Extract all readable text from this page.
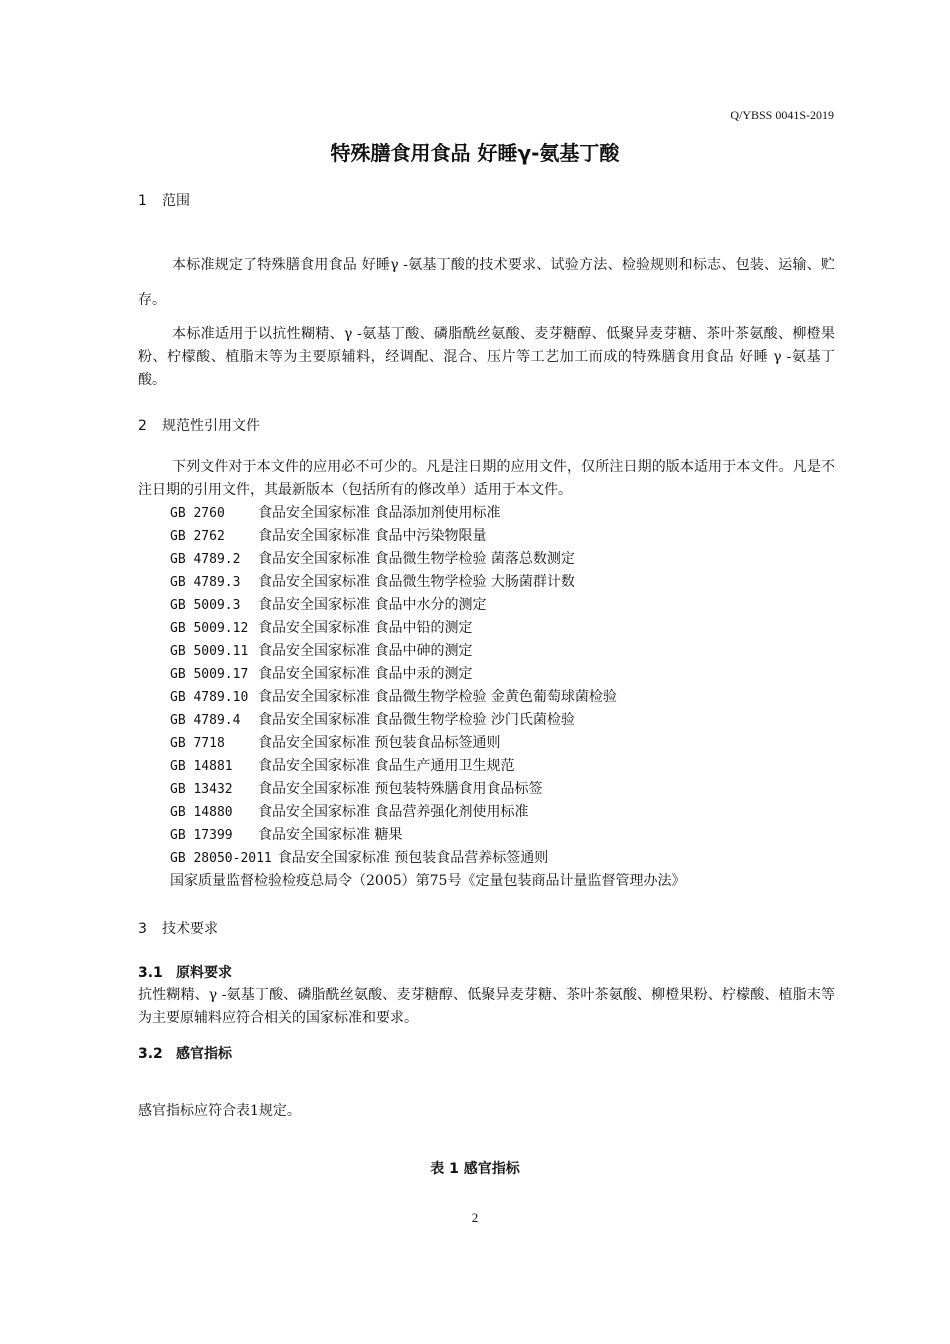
Q/YBSS 0041S-2019
特殊膳食用食品 好睡γ-氨基丁酸
1 范围
本标准规定了特殊膳食用食品 好睡γ -氨基丁酸的技术要求、试验方法、检验规则和标志、包装、运输、贮存。
本标准适用于以抗性糊精、γ -氨基丁酸、磷脂酰丝氨酸、麦芽糖醇、低聚异麦芽糖、茶叶茶氨酸、柳橙果粉、柠檬酸、植脂末等为主要原辅料，经调配、混合、压片等工艺加工而成的特殊膳食用食品 好睡 γ -氨基丁酸。
2 规范性引用文件
下列文件对于本文件的应用必不可少的。凡是注日期的应用文件，仅所注日期的版本适用于本文件。凡是不注日期的引用文件，其最新版本（包括所有的修改单）适用于本文件。
GB 2760 食品安全国家标准 食品添加剂使用标准
GB 2762 食品安全国家标准 食品中污染物限量
GB 4789.2 食品安全国家标准 食品微生物学检验 菌落总数测定
GB 4789.3 食品安全国家标准 食品微生物学检验 大肠菌群计数
GB 5009.3 食品安全国家标准 食品中水分的测定
GB 5009.12 食品安全国家标准 食品中铅的测定
GB 5009.11 食品安全国家标准 食品中砷的测定
GB 5009.17 食品安全国家标准 食品中汞的测定
GB 4789.10 食品安全国家标准 食品微生物学检验 金黄色葡萄球菌检验
GB 4789.4 食品安全国家标准 食品微生物学检验 沙门氏菌检验
GB 7718 食品安全国家标准 预包装食品标签通则
GB 14881 食品安全国家标准 食品生产通用卫生规范
GB 13432 食品安全国家标准 预包装特殊膳食用食品标签
GB 14880 食品安全国家标准 食品营养强化剂使用标准
GB 17399 食品安全国家标准 糖果
GB 28050-2011 食品安全国家标准 预包装食品营养标签通则
国家质量监督检验检疫总局令（2005）第75号《定量包装商品计量监督管理办法》
3 技术要求
3.1 原料要求
抗性糊精、γ -氨基丁酸、磷脂酰丝氨酸、麦芽糖醇、低聚异麦芽糖、茶叶茶氨酸、柳橙果粉、柠檬酸、植脂末等为主要原辅料应符合相关的国家标准和要求。
3.2 感官指标
感官指标应符合表1规定。
表 1 感官指标
2
